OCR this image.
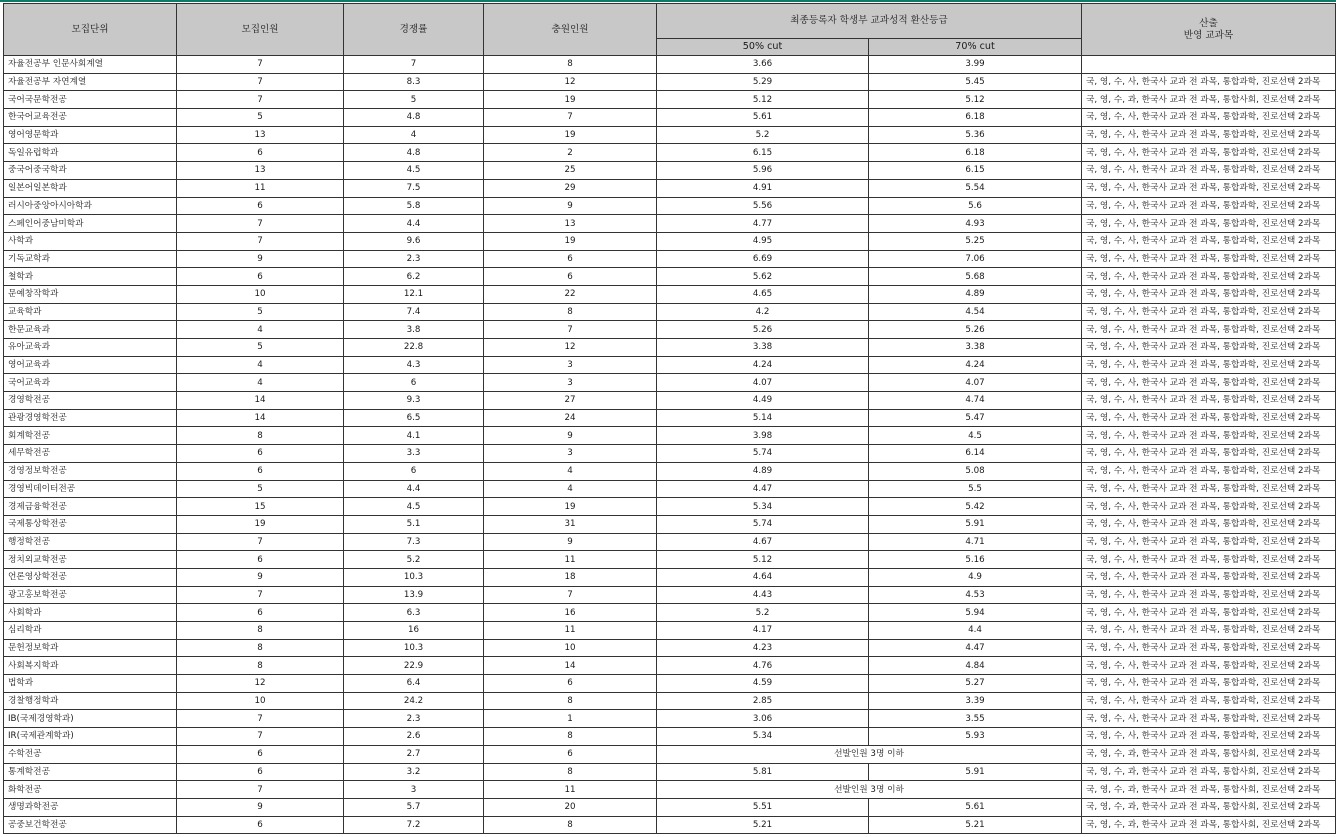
모집단위	모집인원	경쟁률	충원인원	최종등록자 학생부 교과성적 환산등급		산출
반영 교과목

				50% cut	70% cut	
자율전공부 인문사회계열	7	7	8	3.66	3.99	
자율전공부 자연계열	7	8.3	12	5.29	5.45	국, 영, 수, 사, 한국사 교과 전 과목, 통합과학, 진로선택 2과목
국어국문학전공	7	5	19	5.12	5.12	국, 영, 수, 과, 한국사 교과 전 과목, 통합사회, 진로선택 2과목
한국어교육전공	5	4.8	7	5.61	6.18	국, 영, 수, 사, 한국사 교과 전 과목, 통합과학, 진로선택 2과목
영어영문학과	13	4	19	5.2	5.36	국, 영, 수, 사, 한국사 교과 전 과목, 통합과학, 진로선택 2과목
독일유럽학과	6	4.8	2	6.15	6.18	국, 영, 수, 사, 한국사 교과 전 과목, 통합과학, 진로선택 2과목
중국어중국학과	13	4.5	25	5.96	6.15	국, 영, 수, 사, 한국사 교과 전 과목, 통합과학, 진로선택 2과목
일본어일본학과	11	7.5	29	4.91	5.54	국, 영, 수, 사, 한국사 교과 전 과목, 통합과학, 진로선택 2과목
러시아중앙아시아학과	6	5.8	9	5.56	5.6	국, 영, 수, 사, 한국사 교과 전 과목, 통합과학, 진로선택 2과목
스페인어중남미학과	7	4.4	13	4.77	4.93	국, 영, 수, 사, 한국사 교과 전 과목, 통합과학, 진로선택 2과목
사학과	7	9.6	19	4.95	5.25	국, 영, 수, 사, 한국사 교과 전 과목, 통합과학, 진로선택 2과목
기독교학과	9	2.3	6	6.69	7.06	국, 영, 수, 사, 한국사 교과 전 과목, 통합과학, 진로선택 2과목
철학과	6	6.2	6	5.62	5.68	국, 영, 수, 사, 한국사 교과 전 과목, 통합과학, 진로선택 2과목
문예창작학과	10	12.1	22	4.65	4.89	국, 영, 수, 사, 한국사 교과 전 과목, 통합과학, 진로선택 2과목
교육학과	5	7.4	8	4.2	4.54	국, 영, 수, 사, 한국사 교과 전 과목, 통합과학, 진로선택 2과목
한문교육과	4	3.8	7	5.26	5.26	국, 영, 수, 사, 한국사 교과 전 과목, 통합과학, 진로선택 2과목
유아교육과	5	22.8	12	3.38	3.38	국, 영, 수, 사, 한국사 교과 전 과목, 통합과학, 진로선택 2과목
영어교육과	4	4.3	3	4.24	4.24	국, 영, 수, 사, 한국사 교과 전 과목, 통합과학, 진로선택 2과목
국어교육과	4	6	3	4.07	4.07	국, 영, 수, 사, 한국사 교과 전 과목, 통합과학, 진로선택 2과목
경영학전공	14	9.3	27	4.49	4.74	국, 영, 수, 사, 한국사 교과 전 과목, 통합과학, 진로선택 2과목
관광경영학전공	14	6.5	24	5.14	5.47	국, 영, 수, 사, 한국사 교과 전 과목, 통합과학, 진로선택 2과목
회계학전공	8	4.1	9	3.98	4.5	국, 영, 수, 사, 한국사 교과 전 과목, 통합과학, 진로선택 2과목
세무학전공	6	3.3	3	5.74	6.14	국, 영, 수, 사, 한국사 교과 전 과목, 통합과학, 진로선택 2과목
경영정보학전공	6	6	4	4.89	5.08	국, 영, 수, 사, 한국사 교과 전 과목, 통합과학, 진로선택 2과목
경영빅데이터전공	5	4.4	4	4.47	5.5	국, 영, 수, 사, 한국사 교과 전 과목, 통합과학, 진로선택 2과목
경제금융학전공	15	4.5	19	5.34	5.42	국, 영, 수, 사, 한국사 교과 전 과목, 통합과학, 진로선택 2과목
국제통상학전공	19	5.1	31	5.74	5.91	국, 영, 수, 사, 한국사 교과 전 과목, 통합과학, 진로선택 2과목
행정학전공	7	7.3	9	4.67	4.71	국, 영, 수, 사, 한국사 교과 전 과목, 통합과학, 진로선택 2과목
정치외교학전공	6	5.2	11	5.12	5.16	국, 영, 수, 사, 한국사 교과 전 과목, 통합과학, 진로선택 2과목
언론영상학전공	9	10.3	18	4.64	4.9	국, 영, 수, 사, 한국사 교과 전 과목, 통합과학, 진로선택 2과목
광고홍보학전공	7	13.9	7	4.43	4.53	국, 영, 수, 사, 한국사 교과 전 과목, 통합과학, 진로선택 2과목
사회학과	6	6.3	16	5.2	5.94	국, 영, 수, 사, 한국사 교과 전 과목, 통합과학, 진로선택 2과목
심리학과	8	16	11	4.17	4.4	국, 영, 수, 사, 한국사 교과 전 과목, 통합과학, 진로선택 2과목
문헌정보학과	8	10.3	10	4.23	4.47	국, 영, 수, 사, 한국사 교과 전 과목, 통합과학, 진로선택 2과목
사회복지학과	8	22.9	14	4.76	4.84	국, 영, 수, 사, 한국사 교과 전 과목, 통합과학, 진로선택 2과목
법학과	12	6.4	6	4.59	5.27	국, 영, 수, 사, 한국사 교과 전 과목, 통합과학, 진로선택 2과목
경찰행정학과	10	24.2	8	2.85	3.39	국, 영, 수, 사, 한국사 교과 전 과목, 통합과학, 진로선택 2과목
IB(국제경영학과)	7	2.3	1	3.06	3.55	국, 영, 수, 사, 한국사 교과 전 과목, 통합과학, 진로선택 2과목
IR(국제관계학과)	7	2.6	8	5.34	5.93	국, 영, 수, 사, 한국사 교과 전 과목, 통합과학, 진로선택 2과목
수학전공	6	2.7	6	선발인원 3명 이하		국, 영, 수, 과, 한국사 교과 전 과목, 통합사회, 진로선택 2과목
통계학전공	6	3.2	8	5.81	5.91	국, 영, 수, 과, 한국사 교과 전 과목, 통합사회, 진로선택 2과목
화학전공	7	3	11	선발인원 3명 이하		국, 영, 수, 과, 한국사 교과 전 과목, 통합사회, 진로선택 2과목
생명과학전공	9	5.7	20	5.51	5.61	국, 영, 수, 과, 한국사 교과 전 과목, 통합사회, 진로선택 2과목
공중보건학전공	6	7.2	8	5.21	5.21	국, 영, 수, 과, 한국사 교과 전 과목, 통합사회, 진로선택 2과목
